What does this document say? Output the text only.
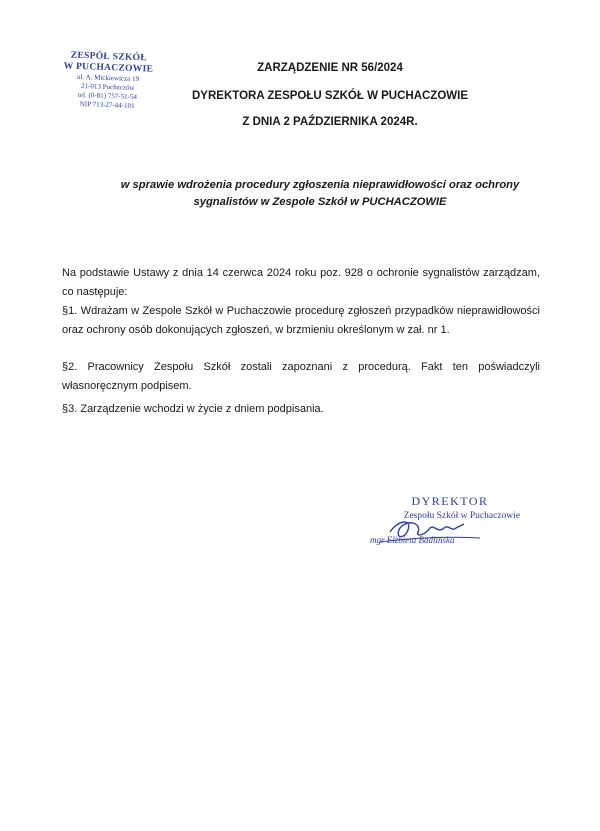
ZESPÓŁ SZKÓŁ
W PUCHACZOWIE
ul. A. Mickiewicza 19
21-013 Puchaczów
tel. (0-81) 757-51-54
NIP 713-27-44-101
ZARZĄDZENIE NR 56/2024
DYREKTORA ZESPOŁU SZKÓŁ W PUCHACZOWIE
Z DNIA 2 PAŹDZIERNIKA 2024R.
w sprawie wdrożenia procedury zgłoszenia nieprawidłowości oraz ochrony
sygnalistów w Zespole Szkół w PUCHACZOWIE
Na podstawie Ustawy z dnia 14 czerwca 2024 roku poz. 928 o ochronie sygnalistów zarządzam, co następuje:
§1. Wdrażam w Zespole Szkół w Puchaczowie procedurę zgłoszeń przypadków nieprawidłowości oraz ochrony osób dokonujących zgłoszeń, w brzmieniu określonym w zał. nr 1.
§2. Pracownicy Zespołu Szkół zostali zapoznani z procedurą. Fakt ten poświadczyli własnoręcznym podpisem.
§3. Zarządzenie wchodzi w życie z dniem podpisania.
DYREKTOR
Zespołu Szkół w Puchaczowie
mgr Elżbieta Badlińska
